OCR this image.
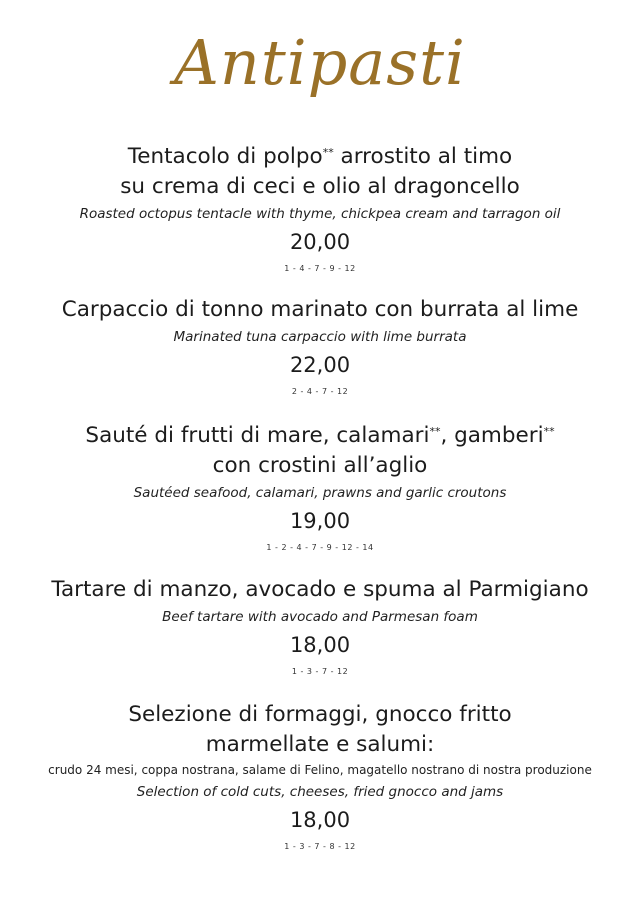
Antipasti
Tentacolo di polpo** arrostito al timo
su crema di ceci e olio al dragoncello
Roasted octopus tentacle with thyme, chickpea cream and tarragon oil
20,00
1 - 4 - 7 - 9 - 12
Carpaccio di tonno marinato con burrata al lime
Marinated tuna carpaccio with lime burrata
22,00
2 - 4 - 7 - 12
Sauté di frutti di mare, calamari**, gamberi**
con crostini all’aglio
Sautéed seafood, calamari, prawns and garlic croutons
19,00
1 - 2 - 4 - 7 - 9 - 12 - 14
Tartare di manzo, avocado e spuma al Parmigiano
Beef tartare with avocado and Parmesan foam
18,00
1 - 3 - 7 - 12
Selezione di formaggi, gnocco fritto
marmellate e salumi:
crudo 24 mesi, coppa nostrana, salame di Felino, magatello nostrano di nostra produzione
Selection of cold cuts, cheeses, fried gnocco and jams
18,00
1 - 3 - 7 - 8 - 12
